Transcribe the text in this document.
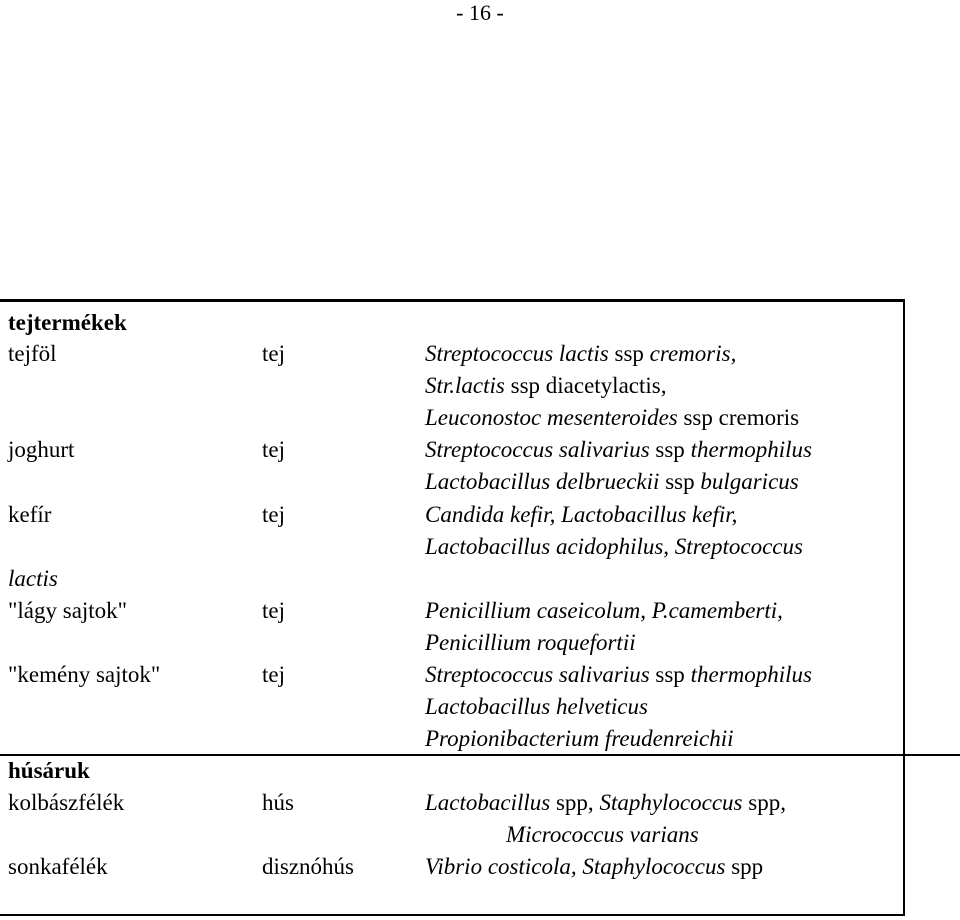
- 16 -
tejtermékek
tejföl	tej	Streptococcus lactis ssp cremoris,
Str.lactis ssp diacetylactis,
Leuconostoc mesenteroides ssp cremoris
joghurt	tej	Streptococcus salivarius ssp thermophilus
Lactobacillus delbrueckii ssp bulgaricus
kefír	tej	Candida kefir, Lactobacillus kefir,
Lactobacillus acidophilus, Streptococcus
lactis
"lágy sajtok"	tej	Penicillium caseicolum, P.camemberti,
Penicillium roquefortii
"kemény sajtok"	tej	Streptococcus salivarius ssp thermophilus
Lactobacillus helveticus
Propionibacterium freudenreichii
húsáruk
kolbászfélék	hús	Lactobacillus spp, Staphylococcus spp,
Micrococcus varians
sonkafélék	disznóhús	Vibrio costicola, Staphylococcus spp
